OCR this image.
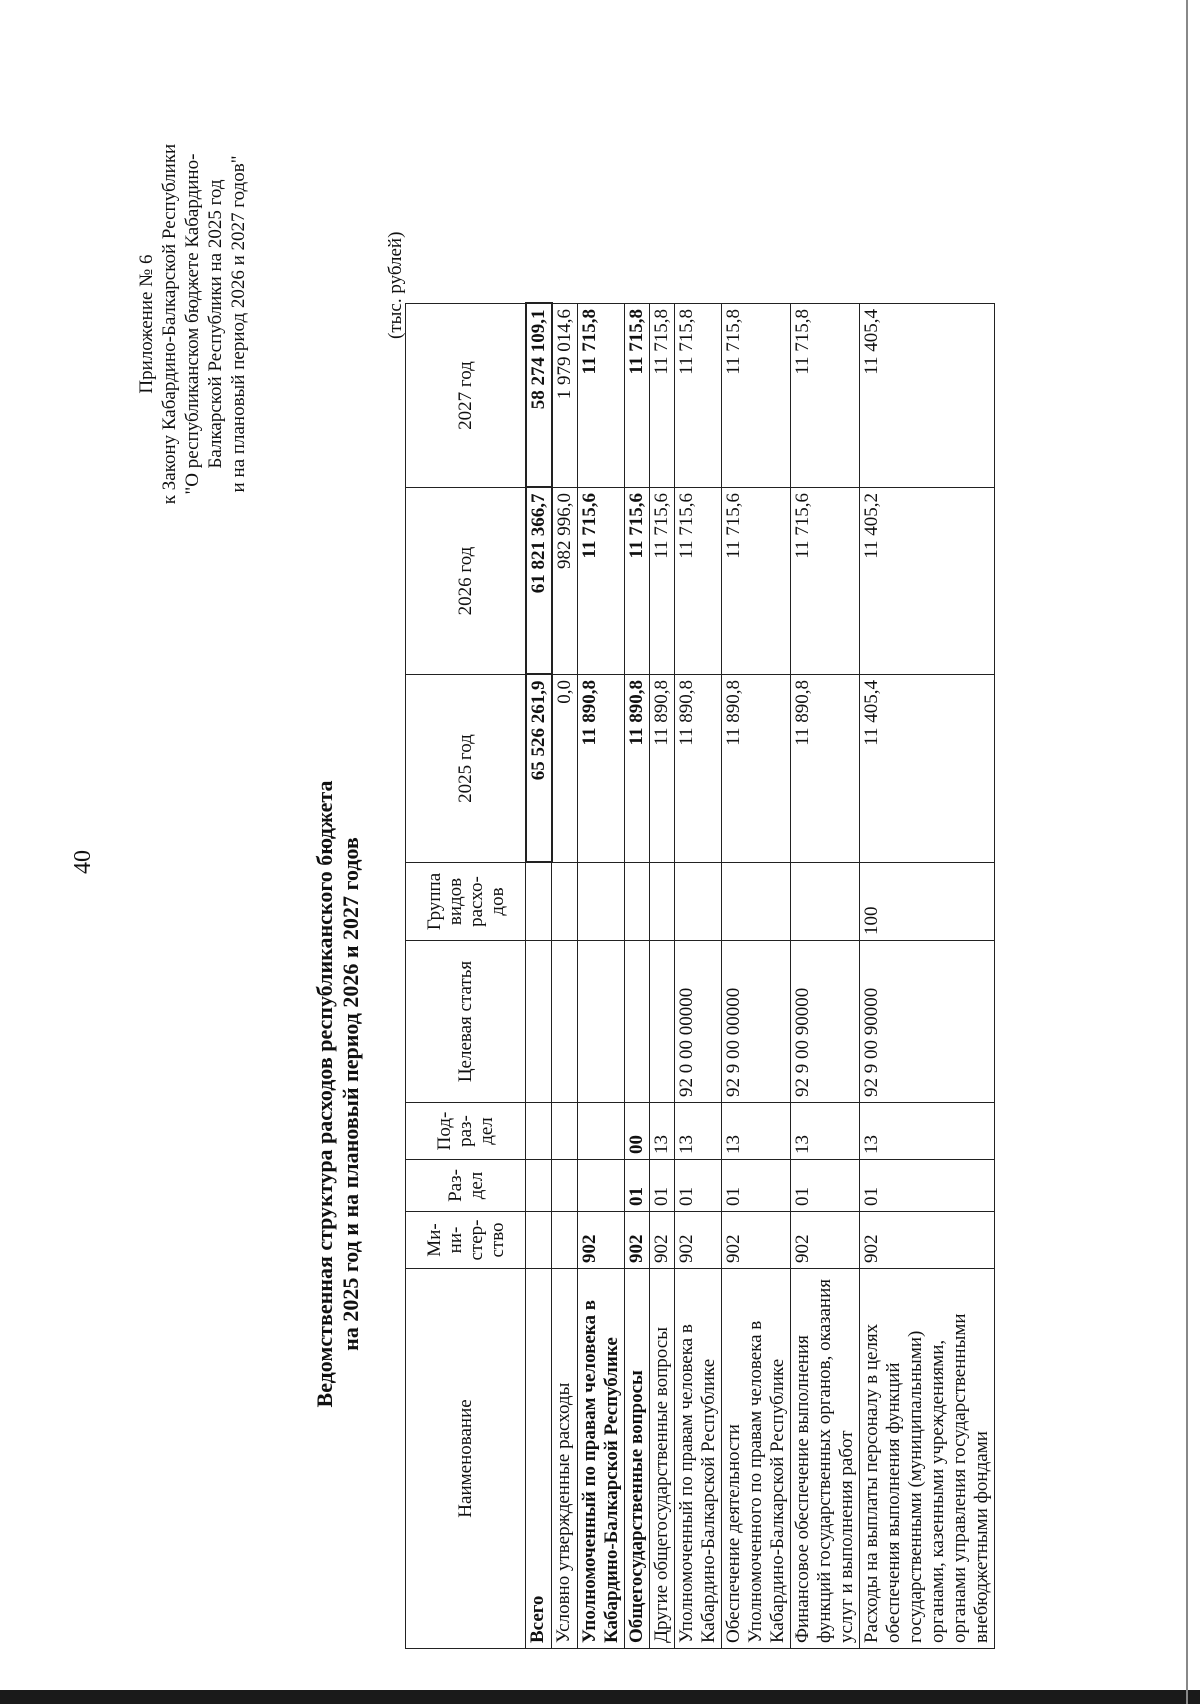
40
Приложение № 6 к Закону Кабардино-Балкарской Республики "О республиканском бюджете Кабардино- Балкарской Республики на 2025 год и на плановый период 2026 и 2027 годов"
Ведомственная структура расходов республиканского бюджета на 2025 год и на плановый период 2026 и 2027 годов
(тыс. рублей)
Наименование	Ми-ни-стер-ство	Раз-дел	Под-раз-дел	Целевая статья	Группа видов расхо-дов	2025 год	2026 год	2027 год
Всего						65 526 261,9	61 821 366,7	58 274 109,1
Условно утвержденные расходы						0,0	982 996,0	1 979 014,6
Уполномоченный по правам человека в Кабардино-Балкарской Республике	902					11 890,8	11 715,6	11 715,8
Общегосударственные вопросы	902	01	00			11 890,8	11 715,6	11 715,8
Другие общегосударственные вопросы	902	01	13			11 890,8	11 715,6	11 715,8
Уполномоченный по правам человека в Кабардино-Балкарской Республике	902	01	13	92 0 00 00000		11 890,8	11 715,6	11 715,8
Обеспечение деятельности Уполномоченного по правам человека в Кабардино-Балкарской Республике	902	01	13	92 9 00 00000		11 890,8	11 715,6	11 715,8
Финансовое обеспечение выполнения функций государственных органов, оказания услуг и выполнения работ	902	01	13	92 9 00 90000		11 890,8	11 715,6	11 715,8
Расходы на выплаты персоналу в целях обеспечения выполнения функций государственными (муниципальными) органами, казенными учреждениями, органами управления государственными внебюджетными фондами	902	01	13	92 9 00 90000	100	11 405,4	11 405,2	11 405,4
